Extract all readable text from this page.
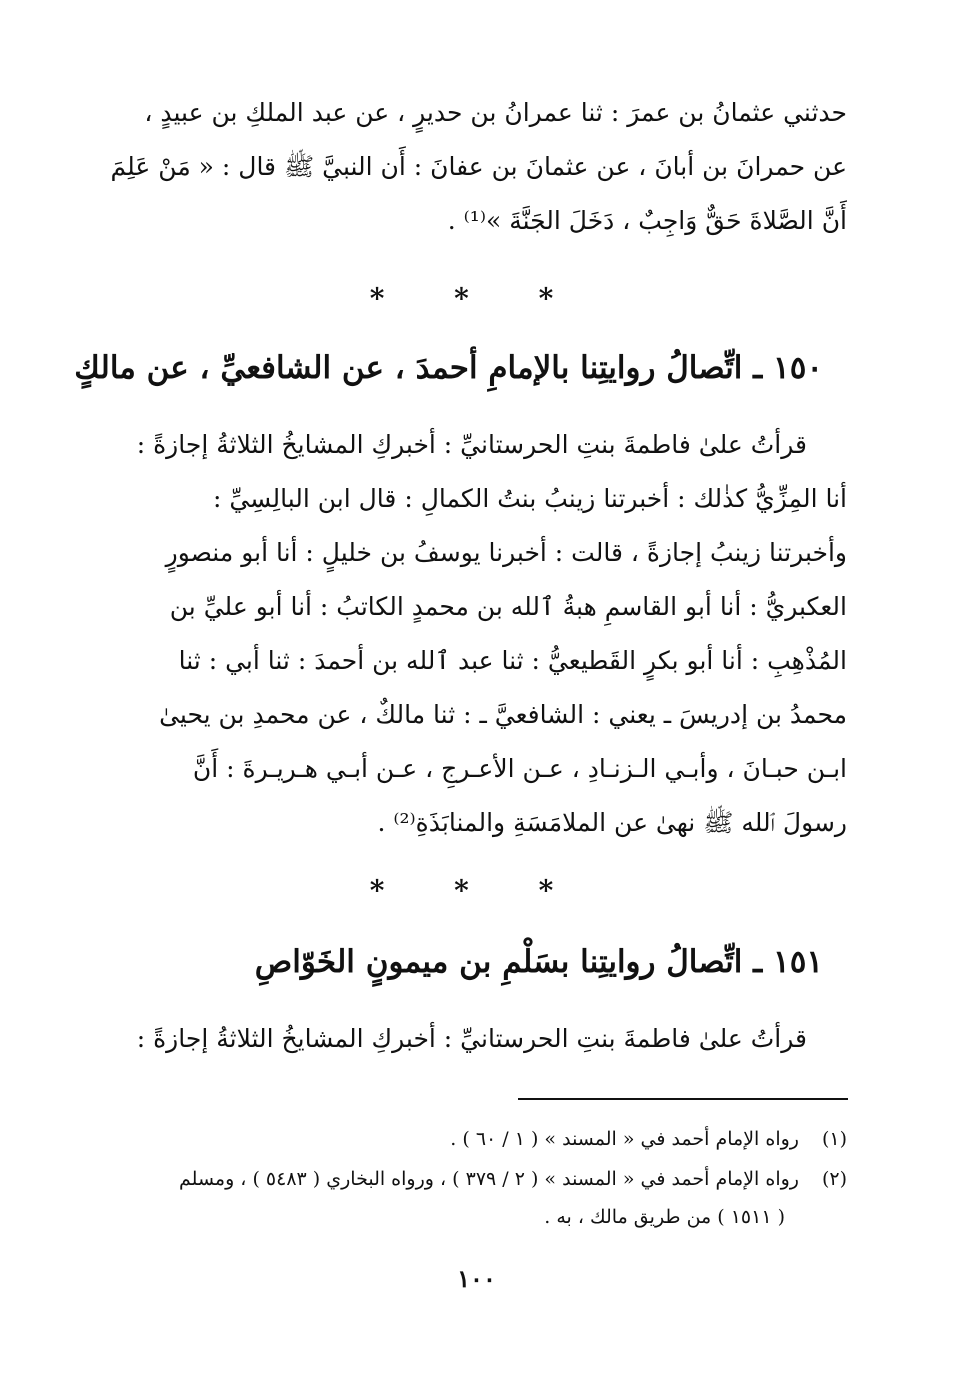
حدثني عثمانُ بن عمرَ : ثنا عمرانُ بن حديرٍ ، عن عبد الملكِ بن عبيدٍ ،
عن حمرانَ بن أبانَ ، عن عثمانَ بن عفانَ : أَن النبيَّ ﷺ قال : « مَنْ عَلِمَ
أَنَّ الصَّلاةَ حَقٌّ وَاجِبٌ ، دَخَلَ الجَنَّةَ »⁽¹⁾ .
* * *
١٥٠ ـ اتِّصالُ روايتِنا بالإمامِ أحمدَ ، عن الشافعيِّ ، عن مالكٍ
قرأتُ علىٰ فاطمةَ بنتِ الحرستانيِّ : أخبركِ المشايخُ الثلاثةُ إجازةً :
أنا المِزِّيُّ كذٰلك : أخبرتنا زينبُ بنتُ الكمالِ : قال ابن البالِسِيِّ :
وأخبرتنا زينبُ إجازةً ، قالت : أخبرنا يوسفُ بن خليلٍ : أنا أبو منصورٍ
العكبريُّ : أنا أبو القاسمِ هبةُ ٱلله بن محمدٍ الكاتبُ : أنا أبو عليِّ بن
المُذْهِبِ : أنا أبو بكرٍ القَطيعيُّ : ثنا عبد ٱلله بن أحمدَ : ثنا أبي : ثنا
محمدُ بن إدريسَ ـ يعني : الشافعيَّ ـ : ثنا مالكٌ ، عن محمدِ بن يحيىٰ
ابـن حبـانَ ، وأبـي الـزنـادِ ، عـن الأعـرجِ ، عـن أبـي هـريـرةَ : أَنَّ
رسولَ ٱلله ﷺ نهىٰ عن الملامَسَةِ والمنابَذَةِ⁽²⁾ .
* * *
١٥١ ـ اتِّصالُ روايتِنا بسَلْمِ بن ميمونٍ الخَوّاصِ
قرأتُ علىٰ فاطمةَ بنتِ الحرستانيِّ : أخبركِ المشايخُ الثلاثةُ إجازةً :
(١) رواه الإمام أحمد في « المسند » ( ١ / ٦٠ ) .
(٢) رواه الإمام أحمد في « المسند » ( ٢ / ٣٧٩ ) ، ورواه البخاري ( ٥٤٨٣ ) ، ومسلم
( ١٥١١ ) من طريق مالك ، به .
١٠٠
